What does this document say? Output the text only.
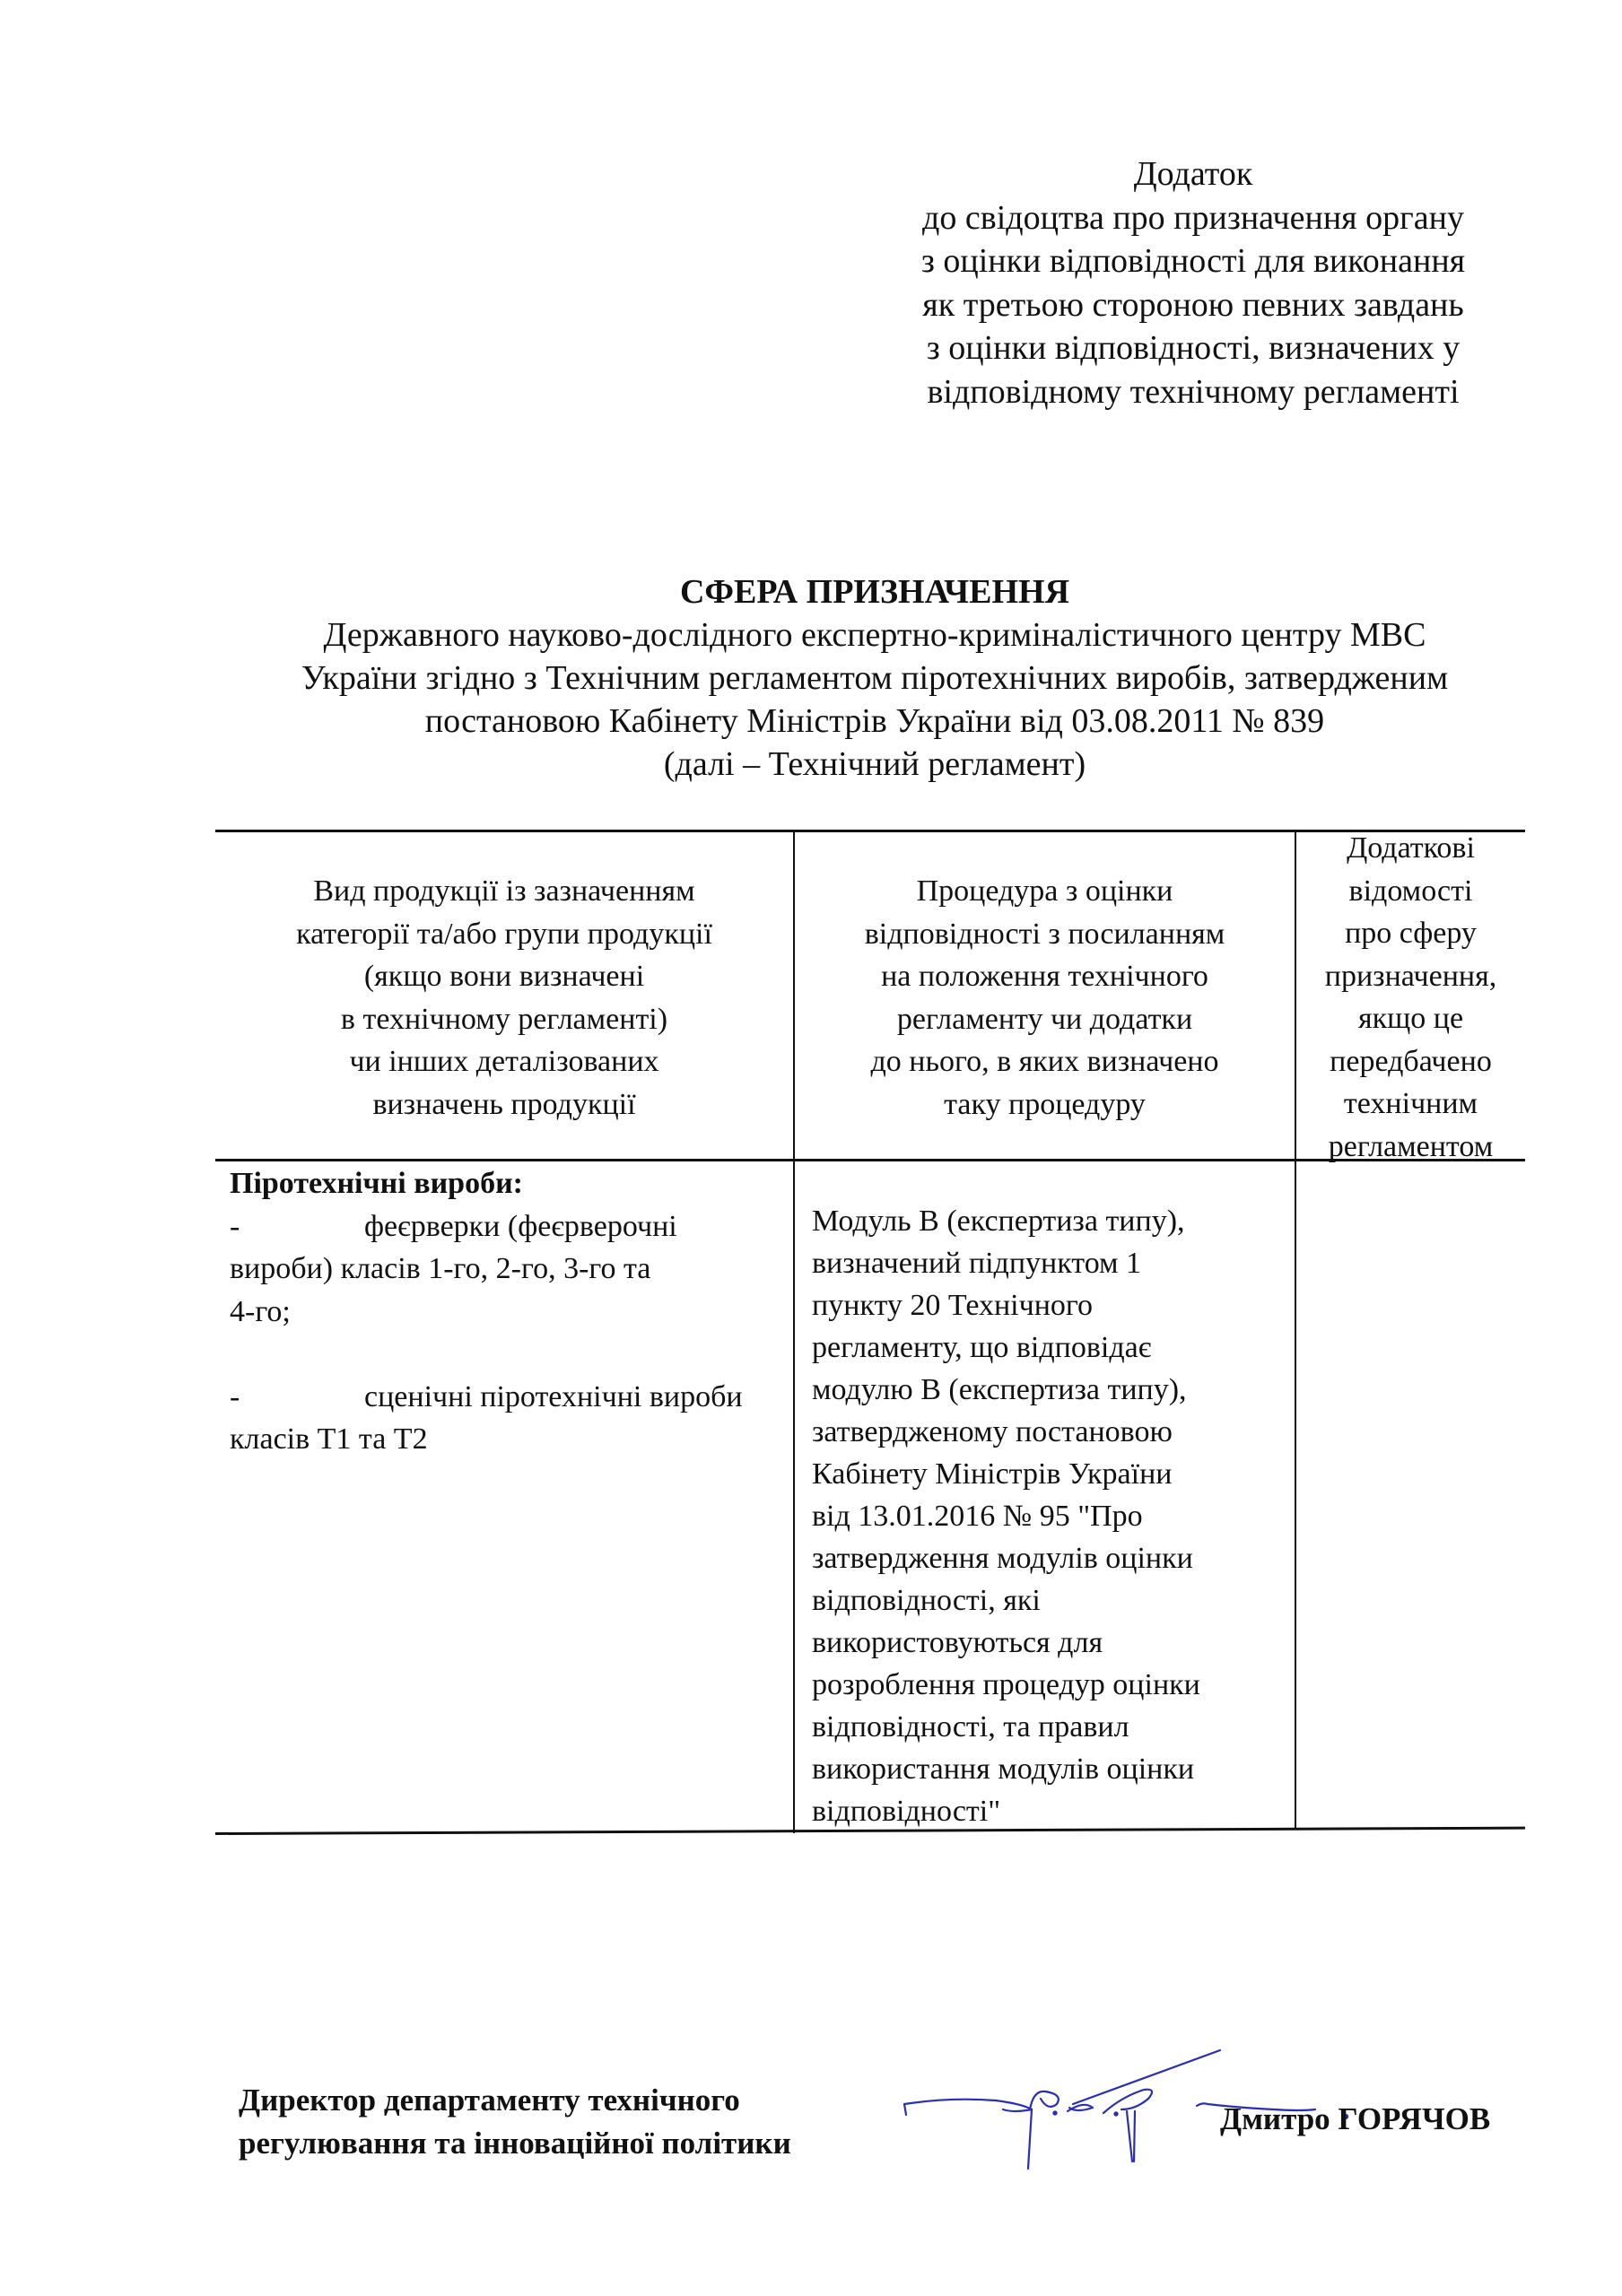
Додаток
до свідоцтва про призначення органу
з оцінки відповідності для виконання
як третьою стороною певних завдань
з оцінки відповідності, визначених у
відповідному технічному регламенті
СФЕРА ПРИЗНАЧЕННЯ
Державного науково-дослідного експертно-криміналістичного центру МВС
України згідно з Технічним регламентом піротехнічних виробів, затвердженим
постановою Кабінету Міністрів України від 03.08.2011 № 839
(далі – Технічний регламент)
Вид продукції із зазначенням
категорії та/або групи продукції
(якщо вони визначені
в технічному регламенті)
чи інших деталізованих
визначень продукції
Процедура з оцінки
відповідності з посиланням
на положення технічного
регламенту чи додатки
до нього, в яких визначено
таку процедуру
Додаткові
відомості
про сферу
призначення,
якщо це
передбачено
технічним
регламентом
Піротехнічні вироби:
-	феєрверки (феєрверочні
вироби) класів 1-го, 2-го, 3-го та
4-го;
-	сценічні піротехнічні вироби
класів Т1 та Т2
Модуль В (експертиза типу),
визначений підпунктом 1
пункту 20 Технічного
регламенту, що відповідає
модулю В (експертиза типу),
затвердженому постановою
Кабінету Міністрів України
від 13.01.2016 № 95 "Про
затвердження модулів оцінки
відповідності, які
використовуються для
розроблення процедур оцінки
відповідності, та правил
використання модулів оцінки
відповідності"
Директор департаменту технічного
регулювання та інноваційної політики
Дмитро ГОРЯЧОВ
